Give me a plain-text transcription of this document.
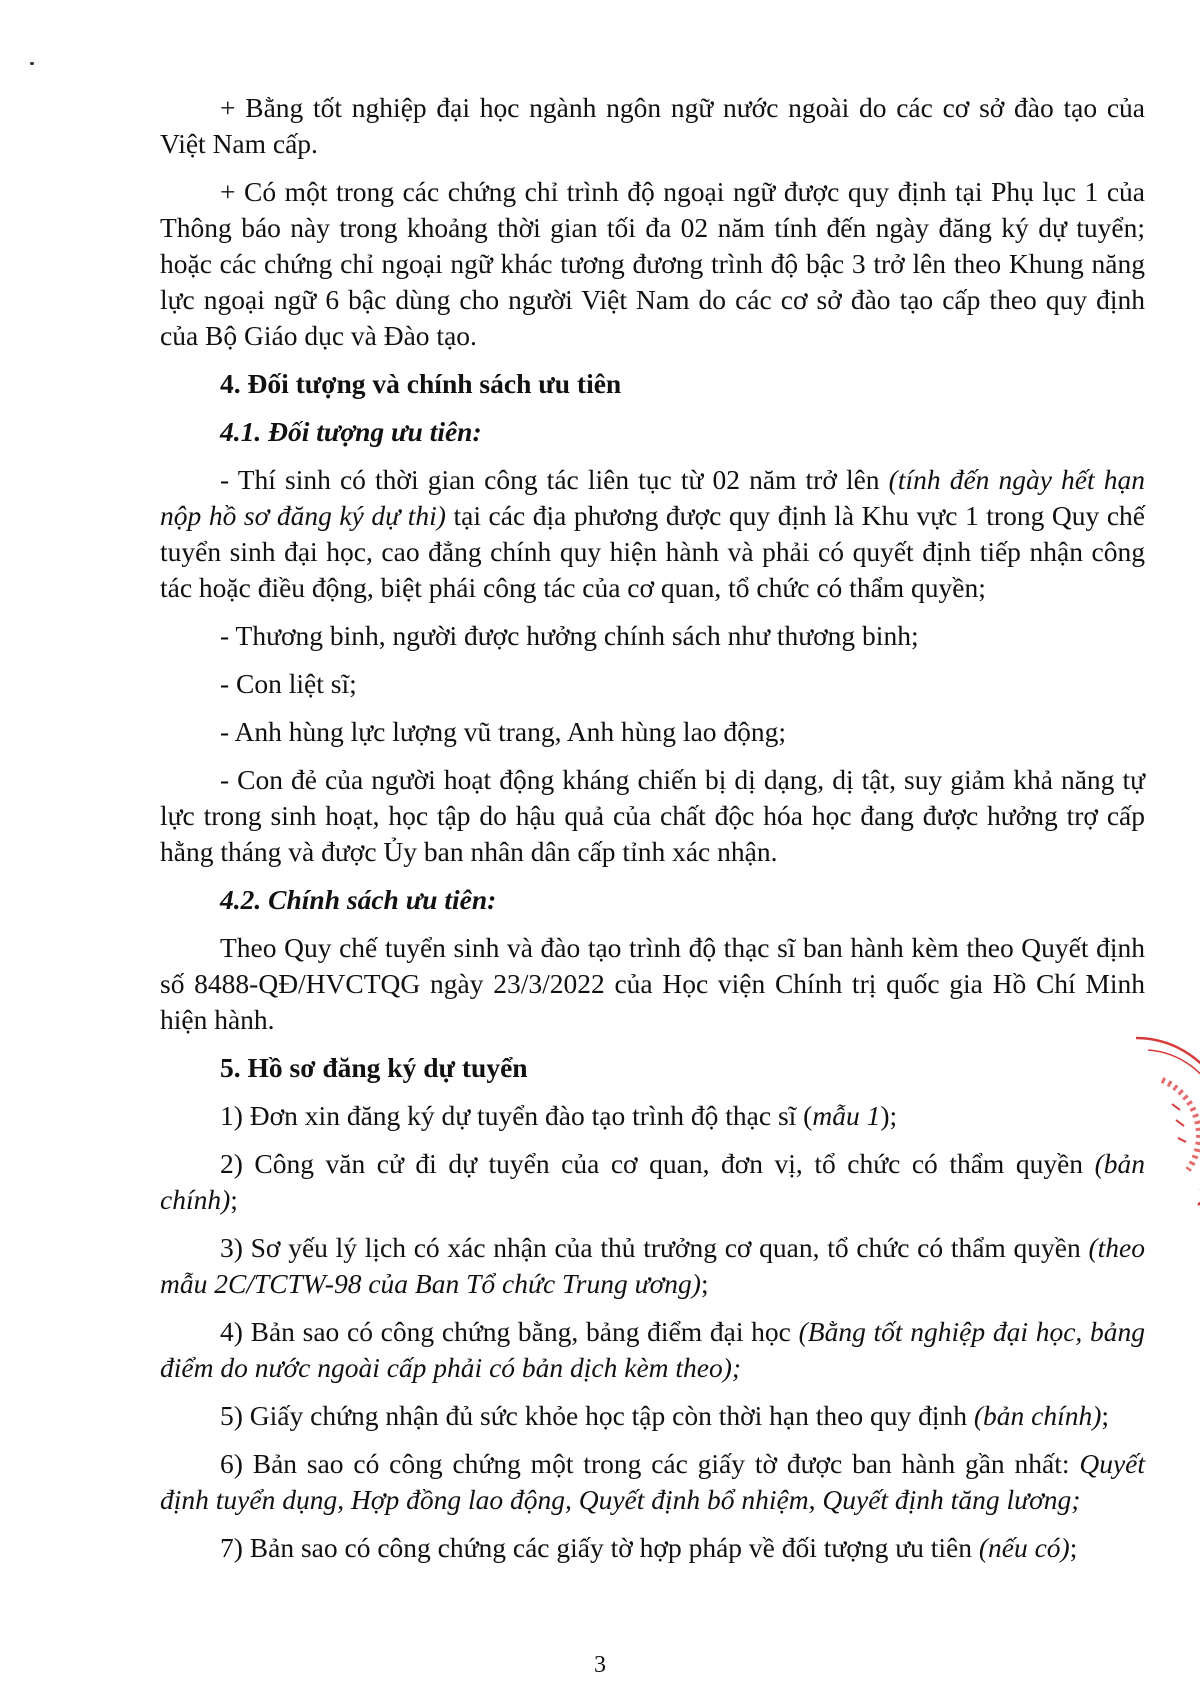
+ Bằng tốt nghiệp đại học ngành ngôn ngữ nước ngoài do các cơ sở đào tạo của Việt Nam cấp.
+ Có một trong các chứng chỉ trình độ ngoại ngữ được quy định tại Phụ lục 1 của Thông báo này trong khoảng thời gian tối đa 02 năm tính đến ngày đăng ký dự tuyển; hoặc các chứng chỉ ngoại ngữ khác tương đương trình độ bậc 3 trở lên theo Khung năng lực ngoại ngữ 6 bậc dùng cho người Việt Nam do các cơ sở đào tạo cấp theo quy định của Bộ Giáo dục và Đào tạo.
4. Đối tượng và chính sách ưu tiên
4.1. Đối tượng ưu tiên:
- Thí sinh có thời gian công tác liên tục từ 02 năm trở lên (tính đến ngày hết hạn nộp hồ sơ đăng ký dự thi) tại các địa phương được quy định là Khu vực 1 trong Quy chế tuyển sinh đại học, cao đẳng chính quy hiện hành và phải có quyết định tiếp nhận công tác hoặc điều động, biệt phái công tác của cơ quan, tổ chức có thẩm quyền;
- Thương binh, người được hưởng chính sách như thương binh;
- Con liệt sĩ;
- Anh hùng lực lượng vũ trang, Anh hùng lao động;
- Con đẻ của người hoạt động kháng chiến bị dị dạng, dị tật, suy giảm khả năng tự lực trong sinh hoạt, học tập do hậu quả của chất độc hóa học đang được hưởng trợ cấp hằng tháng và được Ủy ban nhân dân cấp tỉnh xác nhận.
4.2. Chính sách ưu tiên:
Theo Quy chế tuyển sinh và đào tạo trình độ thạc sĩ ban hành kèm theo Quyết định số 8488-QĐ/HVCTQG ngày 23/3/2022 của Học viện Chính trị quốc gia Hồ Chí Minh hiện hành.
5. Hồ sơ đăng ký dự tuyển
1) Đơn xin đăng ký dự tuyển đào tạo trình độ thạc sĩ (mẫu 1);
2) Công văn cử đi dự tuyển của cơ quan, đơn vị, tổ chức có thẩm quyền (bản chính);
3) Sơ yếu lý lịch có xác nhận của thủ trưởng cơ quan, tổ chức có thẩm quyền (theo mẫu 2C/TCTW-98 của Ban Tổ chức Trung ương);
4) Bản sao có công chứng bằng, bảng điểm đại học (Bằng tốt nghiệp đại học, bảng điểm do nước ngoài cấp phải có bản dịch kèm theo);
5) Giấy chứng nhận đủ sức khỏe học tập còn thời hạn theo quy định (bản chính);
6) Bản sao có công chứng một trong các giấy tờ được ban hành gần nhất: Quyết định tuyển dụng, Hợp đồng lao động, Quyết định bổ nhiệm, Quyết định tăng lương;
7) Bản sao có công chứng các giấy tờ hợp pháp về đối tượng ưu tiên (nếu có);
3
